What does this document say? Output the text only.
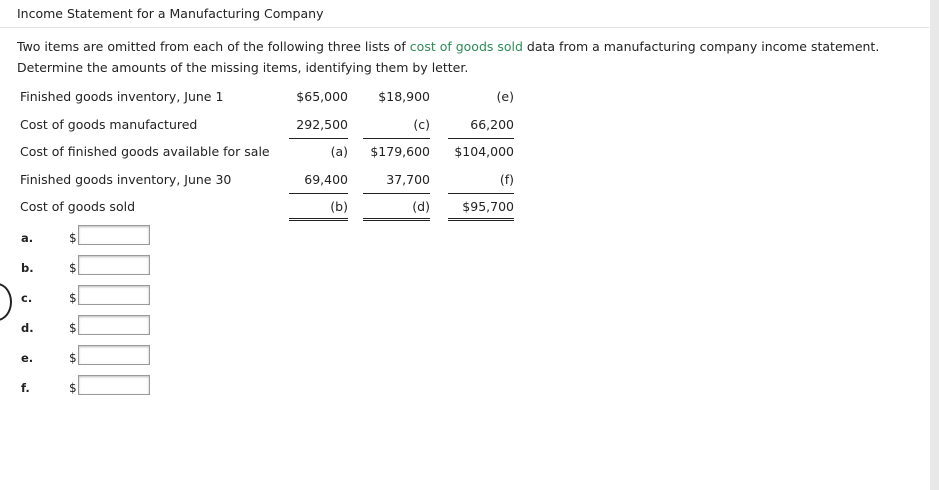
Income Statement for a Manufacturing Company
Two items are omitted from each of the following three lists of cost of goods sold data from a manufacturing company income statement. Determine the amounts of the missing items, identifying them by letter.
Finished goods inventory, June 1	$65,000	$18,900	(e)
Cost of goods manufactured	292,500	(c)	66,200
Cost of finished goods available for sale	(a)	$179,600	$104,000
Finished goods inventory, June 30	69,400	37,700	(f)
Cost of goods sold	(b)	(d)	$95,700
a.	$
b.	$
c.	$
d.	$
e.	$
f.	$
